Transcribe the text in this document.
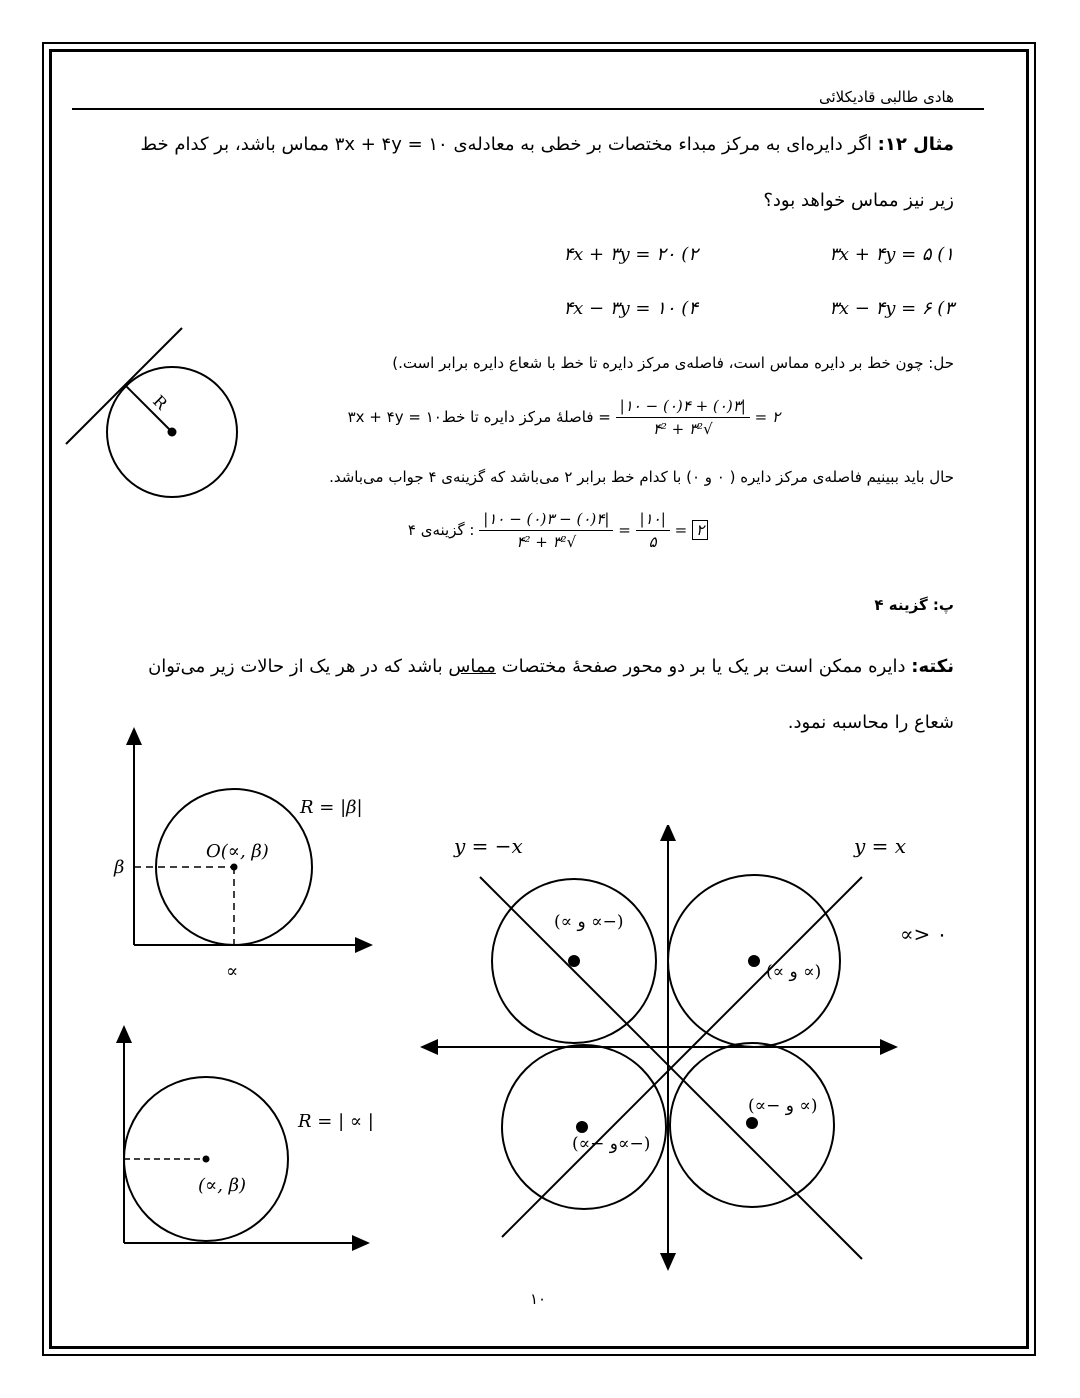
هادی طالبی قادیکلائی
مثال ۱۲: اگر دایره‌ای به مرکز مبداء مختصات بر خطی به معادله‌ی ۱۰ = ۳x + ۴y مماس باشد، بر کدام خط
زیر نیز مماس خواهد بود؟
۱) ۵ = ۳x + ۴y
۲) ۲۰ = ۴x + ۳y
۳) ۶ = ۳x − ۴y
۴) ۱۰ = ۴x − ۳y
حل: چون خط بر دایره مماس است، فاصله‌ی مرکز دایره تا خط با شعاع دایره برابر است.)
۲ =
$\frac{|۳(۰) + ۴(۰) - ۱۰|}{\text{√۳² + ۴²}}$
= فاصلهٔ مرکز دایره تا خط۱۰ = ۳x + ۴y
حال باید ببینیم فاصله‌ی مرکز دایره ( ۰ و ۰) با کدام خط برابر ۲ می‌باشد که گزینه‌ی ۴ جواب می‌باشد.
۲ =
$\frac{|۱۰|}{۵}$
=
$\frac{|۴(۰) - ۳(۰) - ۱۰|}{\text{√۳² + ۴²}}$
: گزینه‌ی ۴
R
پ: گزینه ۴
نکته: دایره ممکن است بر یک یا بر دو محور صفحهٔ مختصات مماس باشد که در هر یک از حالات زیر می‌توان
شعاع را محاسبه نمود.
R = |β|
O(∝, β)
β
∝
R = | ∝ |
(∝, β)
y = −x	y = x
∝> ۰
(∝ و ∝−)
(∝ و ∝)
(∝− و∝−)
(∝− و ∝)
۱۰
